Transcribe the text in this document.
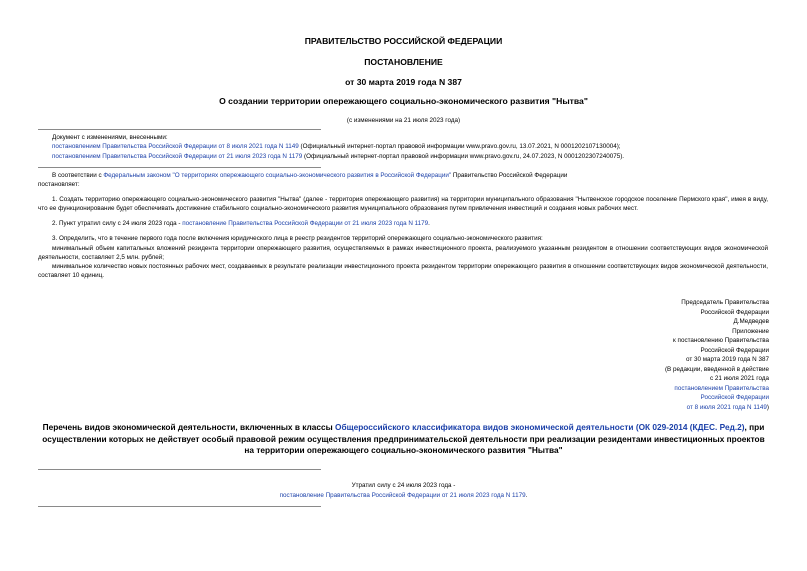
ПРАВИТЕЛЬСТВО РОССИЙСКОЙ ФЕДЕРАЦИИ
ПОСТАНОВЛЕНИЕ
от 30 марта 2019 года N 387
О создании территории опережающего социально-экономического развития "Нытва"
(с изменениями на 21 июля 2023 года)
Документ с изменениями, внесенными:
постановлением Правительства Российской Федерации от 8 июля 2021 года N 1149 (Официальный интернет-портал правовой информации www.pravo.gov.ru, 13.07.2021, N 0001202107130004);
постановлением Правительства Российской Федерации от 21 июля 2023 года N 1179 (Официальный интернет-портал правовой информации www.pravo.gov.ru, 24.07.2023, N 0001202307240075).

В соответствии с Федеральным законом "О территориях опережающего социально-экономического развития в Российской Федерации" Правительство Российской Федерации

постановляет:

1. Создать территорию опережающего социально-экономического развития "Нытва" (далее - территория опережающего развития) на территории муниципального образования "Нытвенское городское поселение Пермского края", имея в виду, что ее функционирование будет обеспечивать достижение стабильного социально-экономического развития муниципального образования путем привлечения инвестиций и создания новых рабочих мест.

2. Пункт утратил силу с 24 июля 2023 года - постановление Правительства Российской Федерации от 21 июля 2023 года N 1179.

3. Определить, что в течение первого года после включения юридического лица в реестр резидентов территорий опережающего социально-экономического развития:

минимальный объем капитальных вложений резидента территории опережающего развития, осуществляемых в рамках инвестиционного проекта, реализуемого указанным резидентом в отношении соответствующих видов экономической деятельности, составляет 2,5 млн. рублей;

минимальное количество новых постоянных рабочих мест, создаваемых в результате реализации инвестиционного проекта резидентом территории опережающего развития в отношении соответствующих видов экономической деятельности, составляет 10 единиц.

Председатель Правительства
Российской Федерации
Д.Медведев
Приложение
к постановлению Правительства
Российской Федерации
от 30 марта 2019 года N 387
(В редакции, введенной в действие
с 21 июля 2021 года
постановлением Правительства
Российской Федерации
от 8 июля 2021 года N 1149)
Перечень видов экономической деятельности, включенных в классы Общероссийского классификатора видов экономической деятельности (ОК 029-2014 (КДЕС. Ред.2), при осуществлении которых не действует особый правовой режим осуществления предпринимательской деятельности при реализации резидентами инвестиционных проектов на территории опережающего социально-экономического развития "Нытва"
Утратил силу с 24 июля 2023 года -
постановление Правительства Российской Федерации от 21 июля 2023 года N 1179.
